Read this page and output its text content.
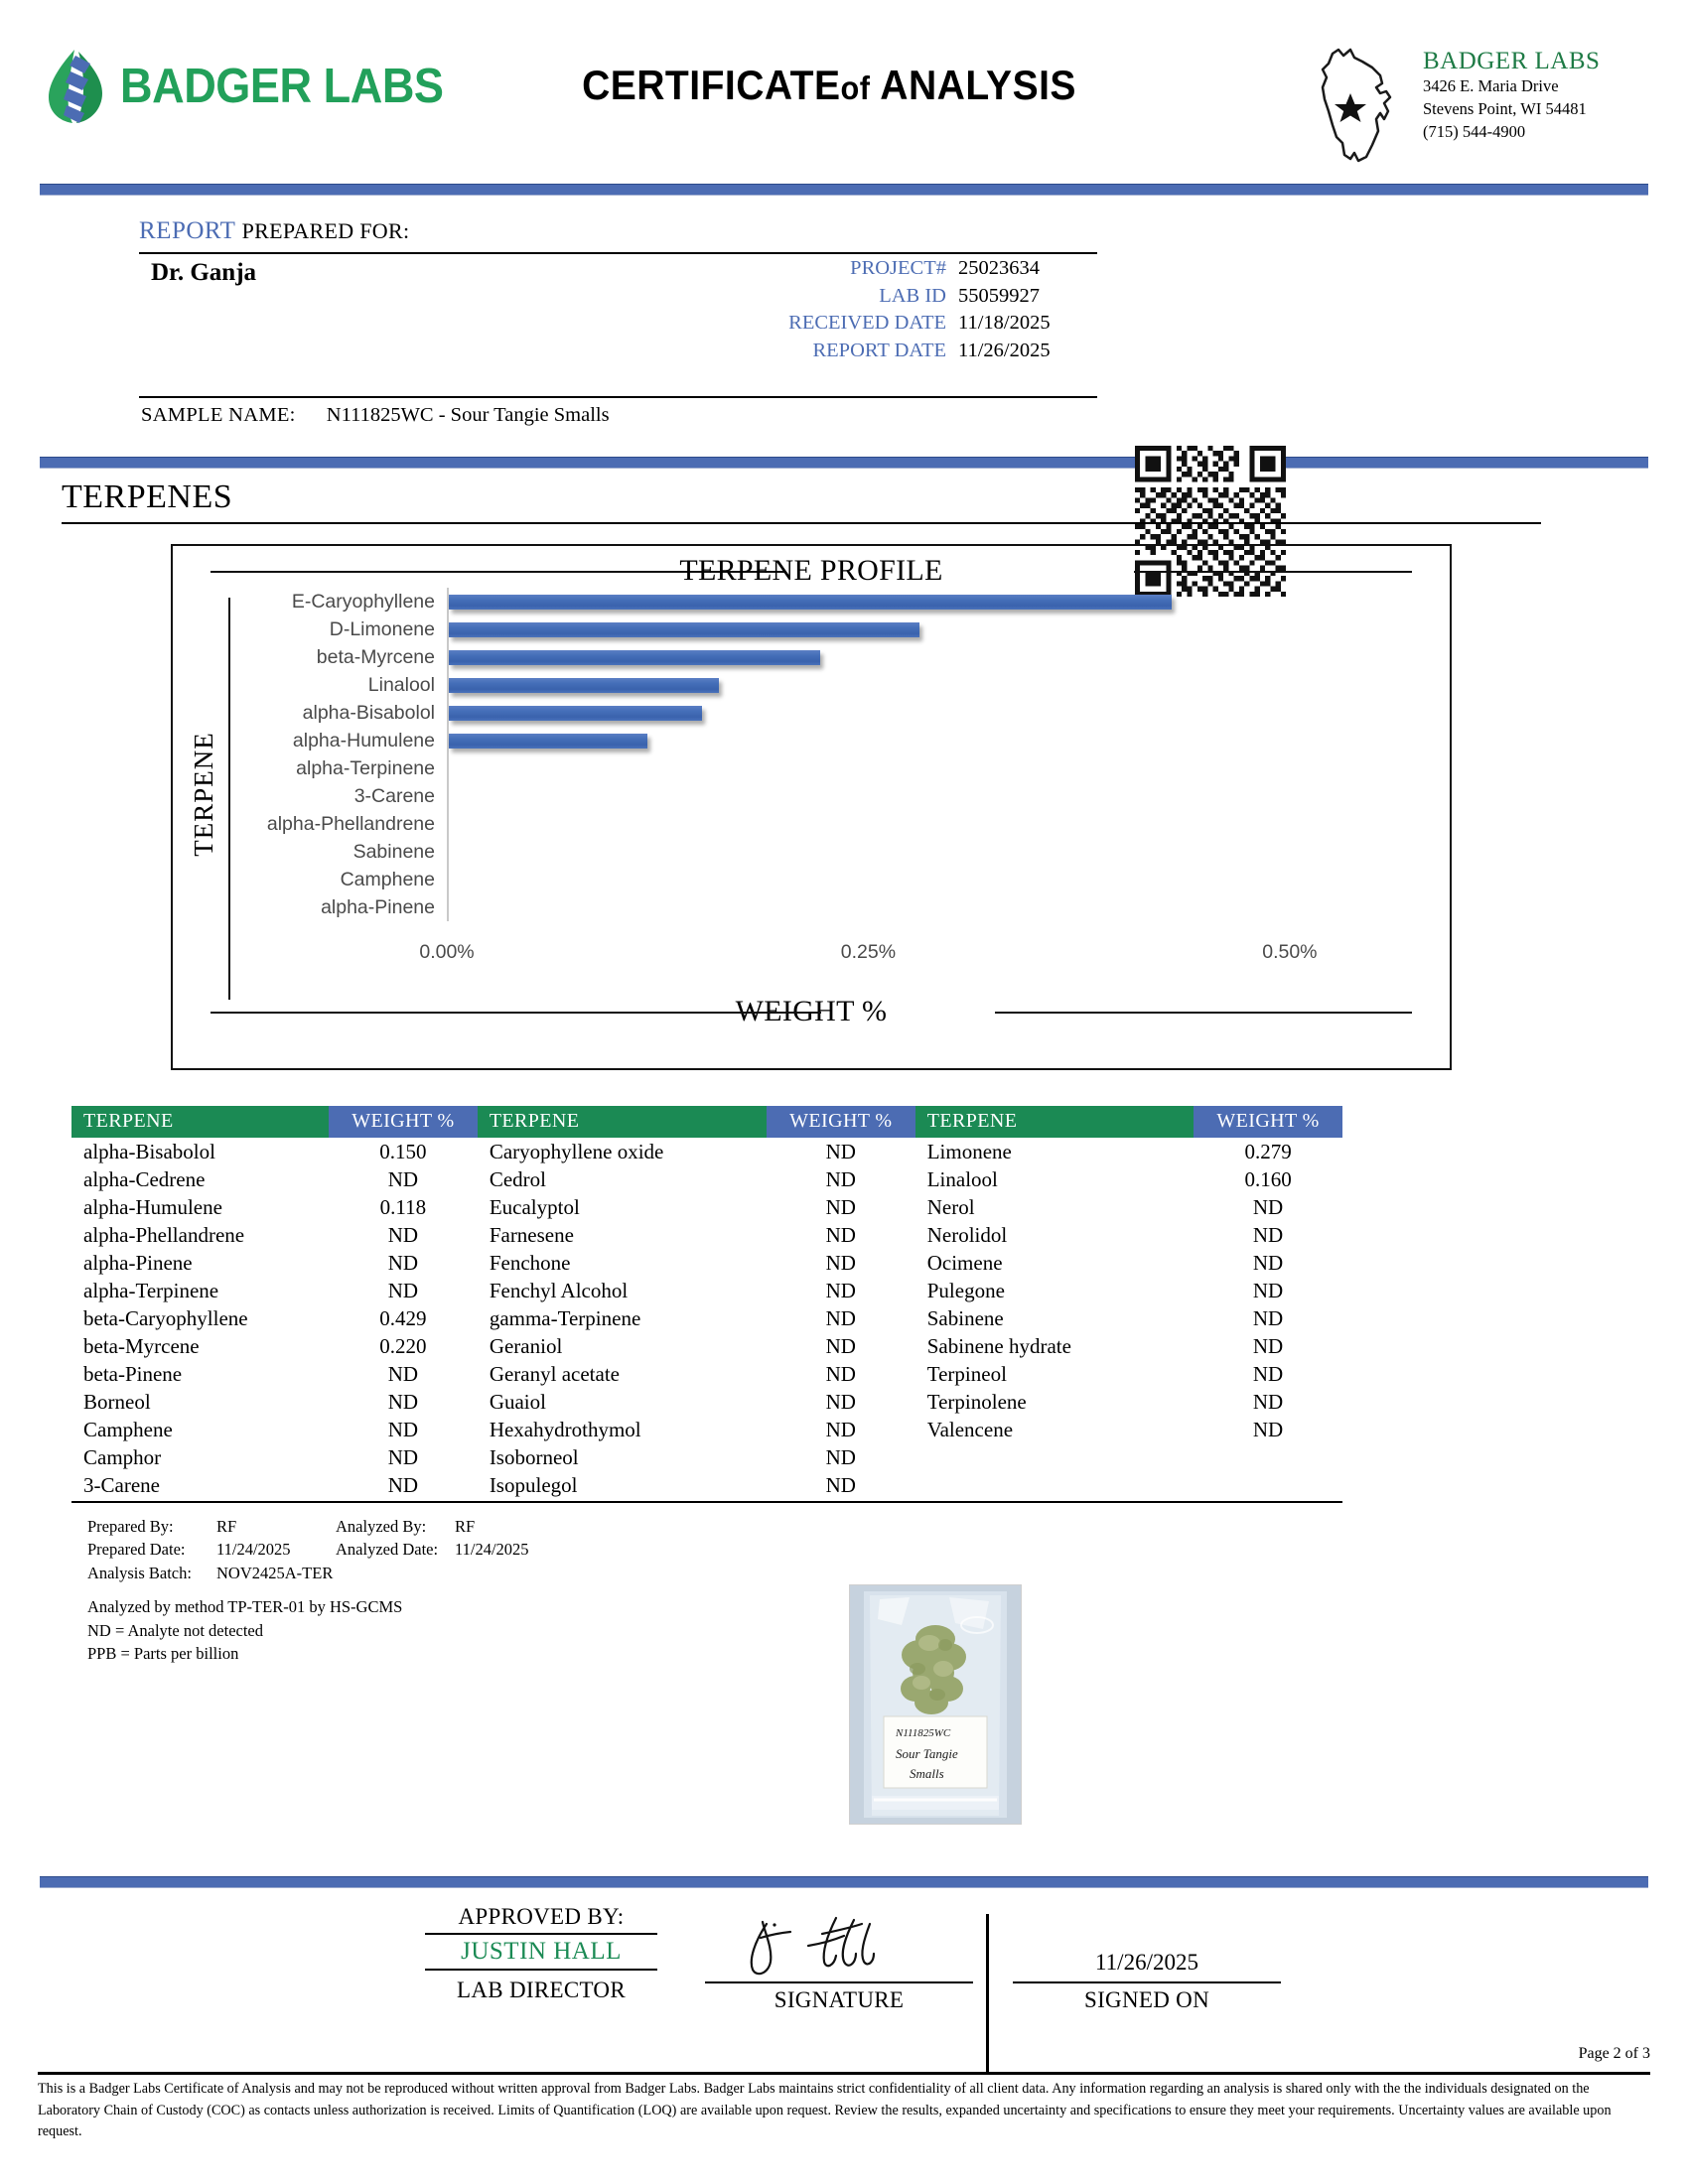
BADGER LABS	CERTIFICATEof ANALYSIS
BADGER LABS
3426 E. Maria Drive
Stevens Point, WI 54481
(715) 544-4900
REPORT PREPARED FOR:
Dr. Ganja	PROJECT# 25023634
LAB ID 55059927
RECEIVED DATE 11/18/2025
REPORT DATE 11/26/2025
SAMPLE NAME: N111825WC - Sour Tangie Smalls
TERPENES
TERPENE PROFILE
TERPENE
E-Caryophyllene
D-Limonene
beta-Myrcene
Linalool
alpha-Bisabolol
alpha-Humulene
alpha-Terpinene
3-Carene
alpha-Phellandrene
Sabinene
Camphene
alpha-Pinene
0.00%	0.25%	0.50%
WEIGHT %
TERPENE	WEIGHT %	TERPENE	WEIGHT %	TERPENE	WEIGHT %
alpha-Bisabolol	0.150	Caryophyllene oxide	ND	Limonene	0.279
alpha-Cedrene	ND	Cedrol	ND	Linalool	0.160
alpha-Humulene	0.118	Eucalyptol	ND	Nerol	ND
alpha-Phellandrene	ND	Farnesene	ND	Nerolidol	ND
alpha-Pinene	ND	Fenchone	ND	Ocimene	ND
alpha-Terpinene	ND	Fenchyl Alcohol	ND	Pulegone	ND
beta-Caryophyllene	0.429	gamma-Terpinene	ND	Sabinene	ND
beta-Myrcene	0.220	Geraniol	ND	Sabinene hydrate	ND
beta-Pinene	ND	Geranyl acetate	ND	Terpineol	ND
Borneol	ND	Guaiol	ND	Terpinolene	ND
Camphene	ND	Hexahydrothymol	ND	Valencene	ND
Camphor	ND	Isoborneol	ND		
3-Carene	ND	Isopulegol	ND		
Prepared By:	RF	Analyzed By:	RF
Prepared Date:	11/24/2025	Analyzed Date:	11/24/2025
Analysis Batch:	NOV2425A-TER
Analyzed by method TP-TER-01 by HS-GCMS
ND = Analyte not detected
PPB = Parts per billion
N111825WC
Sour Tangie
Smalls
APPROVED BY:
JUSTIN HALL
LAB DIRECTOR	SIGNATURE
11/26/2025
SIGNED ON
Page 2 of 3
This is a Badger Labs Certificate of Analysis and may not be reproduced without written approval from Badger Labs. Badger Labs maintains strict confidentiality of all client data. Any information regarding an analysis is shared only with the the individuals designated on the Laboratory Chain of Custody (COC) as contacts unless authorization is received. Limits of Quantification (LOQ) are available upon request. Review the results, expanded uncertainty and specifications to ensure they meet your requirements. Uncertainty values are available upon request.
